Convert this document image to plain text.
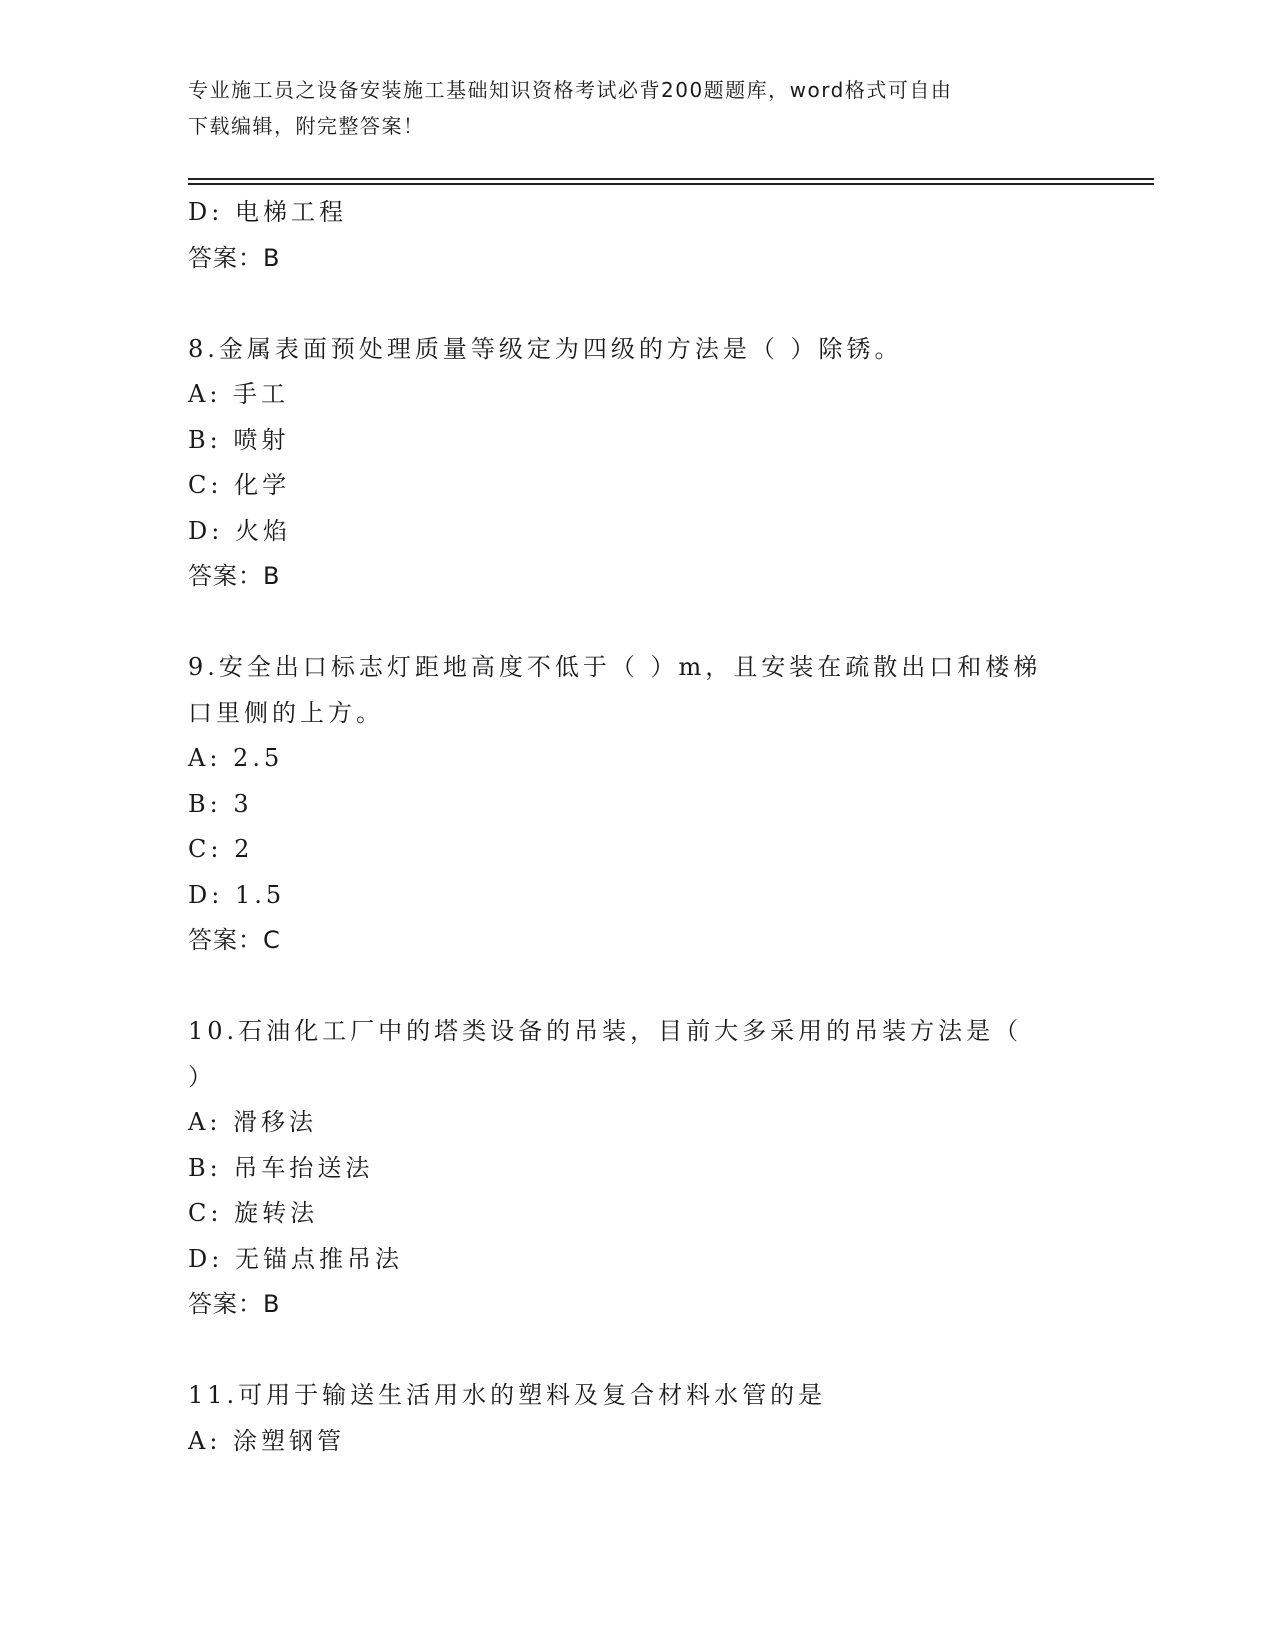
专业施工员之设备安装施工基础知识资格考试必背200题题库，word格式可自由
下载编辑，附完整答案！
D: 电梯工程
答案：B
8.金属表面预处理质量等级定为四级的方法是（ ）除锈。
A: 手工
B: 喷射
C: 化学
D: 火焰
答案：B
9.安全出口标志灯距地高度不低于（ ）m，且安装在疏散出口和楼梯
口里侧的上方。
A: 2.5
B: 3
C: 2
D: 1.5
答案：C
10.石油化工厂中的塔类设备的吊装，目前大多采用的吊装方法是（
）
A: 滑移法
B: 吊车抬送法
C: 旋转法
D: 无锚点推吊法
答案：B
11.可用于输送生活用水的塑料及复合材料水管的是
A: 涂塑钢管
